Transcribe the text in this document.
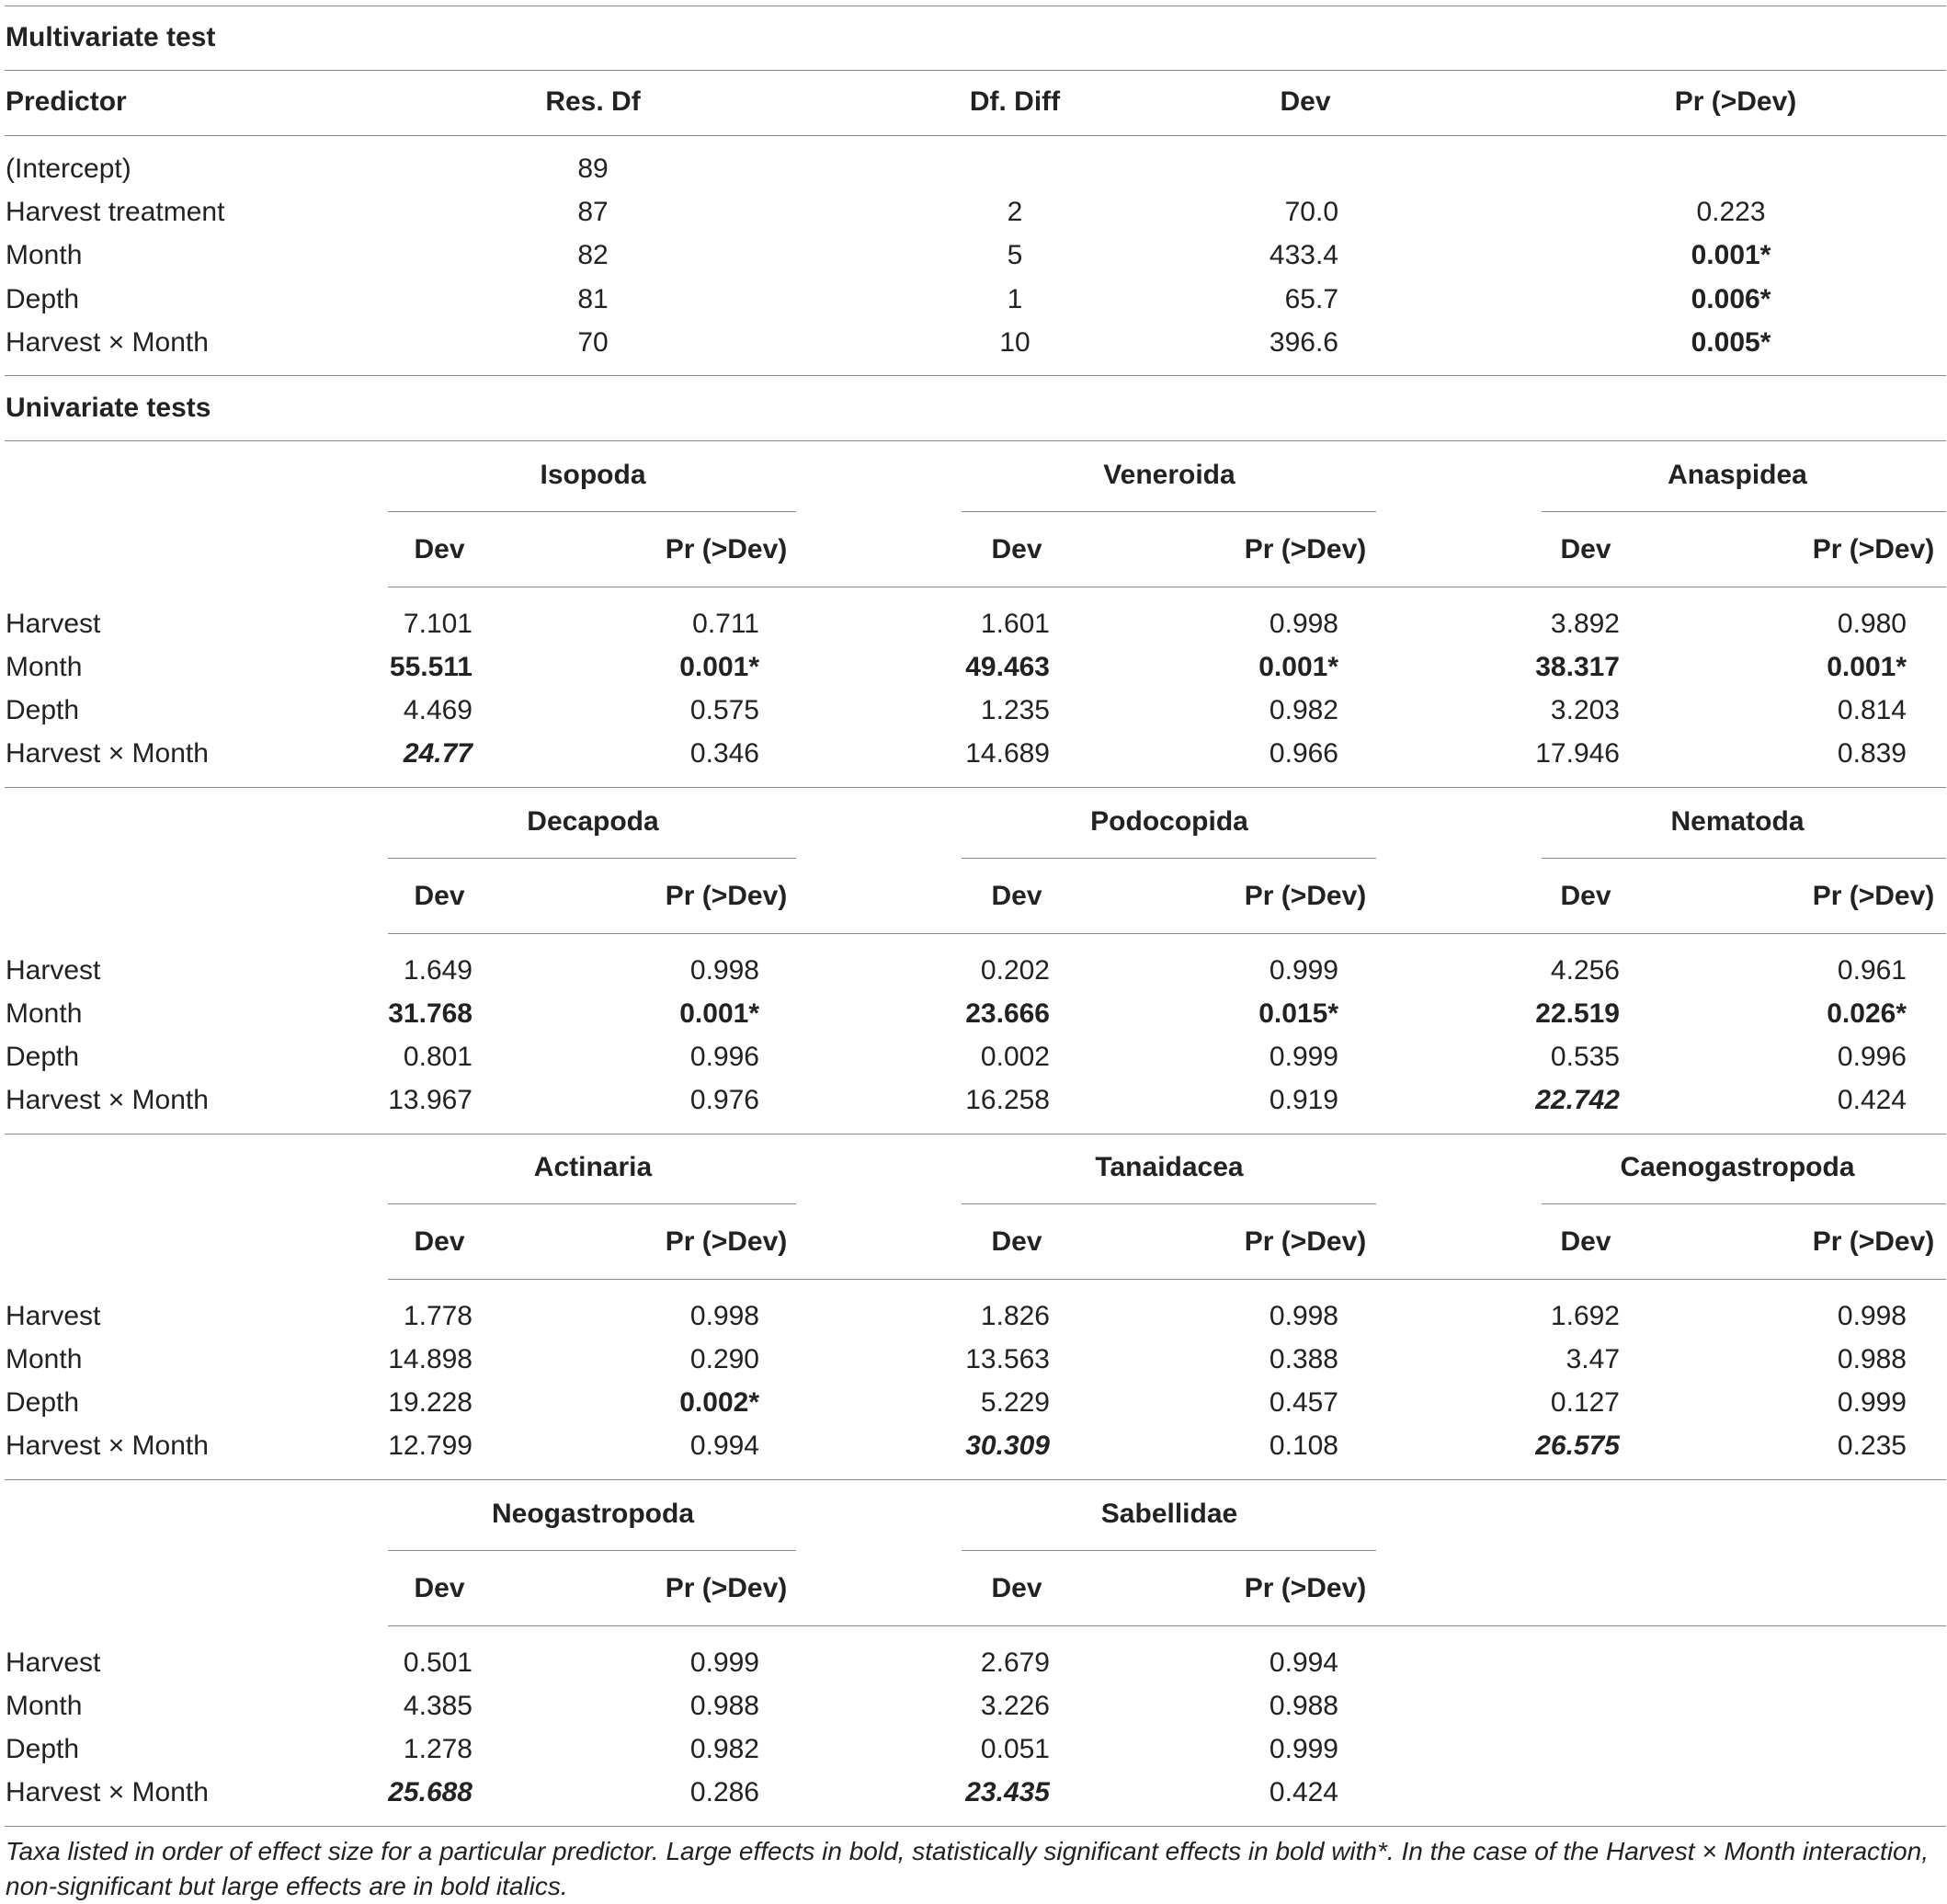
Multivariate test
Predictor	Res. Df	Df. Diff	Dev	Pr (>Dev)
(Intercept)	89
Harvest treatment	87	2	70.0	0.223
Month	82	5	433.4	0.001*
Depth	81	1	65.7	0.006*
Harvest × Month	70	10	396.6	0.005*
Univariate tests
Isopoda
Dev	Pr (>Dev)
Veneroida
Dev	Pr (>Dev)
Anaspidea
Dev	Pr (>Dev)
Harvest	7.101	0.711	1.601	0.998	3.892	0.980
Month	55.511	0.001*	49.463	0.001*	38.317	0.001*
Depth	4.469	0.575	1.235	0.982	3.203	0.814
Harvest × Month	24.77	0.346	14.689	0.966	17.946	0.839
Decapoda
Dev	Pr (>Dev)
Podocopida
Dev	Pr (>Dev)
Nematoda
Dev	Pr (>Dev)
Harvest	1.649	0.998	0.202	0.999	4.256	0.961
Month	31.768	0.001*	23.666	0.015*	22.519	0.026*
Depth	0.801	0.996	0.002	0.999	0.535	0.996
Harvest × Month	13.967	0.976	16.258	0.919	22.742	0.424
Actinaria
Dev	Pr (>Dev)
Tanaidacea
Dev	Pr (>Dev)
Caenogastropoda
Dev	Pr (>Dev)
Harvest	1.778	0.998	1.826	0.998	1.692	0.998
Month	14.898	0.290	13.563	0.388	3.47	0.988
Depth	19.228	0.002*	5.229	0.457	0.127	0.999
Harvest × Month	12.799	0.994	30.309	0.108	26.575	0.235
Neogastropoda
Dev	Pr (>Dev)
Sabellidae
Dev	Pr (>Dev)
Harvest	0.501	0.999	2.679	0.994
Month	4.385	0.988	3.226	0.988
Depth	1.278	0.982	0.051	0.999
Harvest × Month	25.688	0.286	23.435	0.424
Taxa listed in order of effect size for a particular predictor. Large effects in bold, statistically significant effects in bold with*. In the case of the Harvest × Month interaction, non-significant but large effects are in bold italics.
